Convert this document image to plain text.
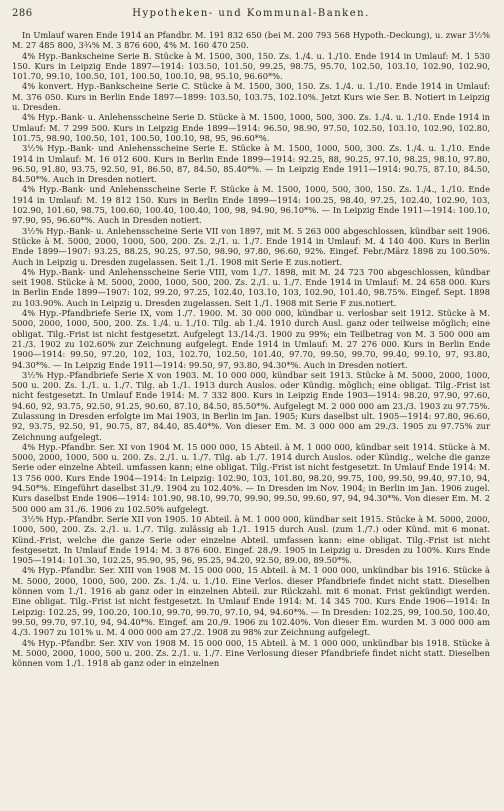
286	Hypotheken- und Kommunal-Banken.

In Umlauf waren Ende 1914 an Pfandbr. M. 191 832 650 (bei M. 200 793 568 Hypoth.-Deckung), u. zwar 3½% M. 27 485 800, 3¾% M. 3 876 600, 4% M. 160 470 250.

4% Hyp.-Bankscheine Serie B. Stücke à M. 1500, 300, 150. Zs. 1./4. u. 1./10. Ende 1914 in Umlauf: M. 1 530 150. Kurs in Leipzig Ende 1897—1914: 103.50, 101.50, 99.25, 98.75, 95.70, 102.50, 103.10, 102.90, 102.90, 101.70, 99.10, 100.50, 101, 100.50, 100.10, 98, 95.10, 96.60*%.

4% konvert. Hyp.-Bankscheine Serie C. Stücke à M. 1500, 300, 150. Zs. 1./4. u. 1./10. Ende 1914 in Umlauf: M. 376 050. Kurs in Berlin Ende 1897—1899: 103.50, 103.75, 102.10%. Jetzt Kurs wie Ser. B. Notiert in Leipzig u. Dresden.

4% Hyp.-Bank- u. Anlehensscheine Serie D. Stücke à M. 1500, 1000, 500, 300. Zs. 1./4. u. 1./10. Ende 1914 in Umlauf: M. 7 299 500. Kurs in Leipzig Ende 1899—1914: 96.50, 98.90, 97.50, 102.50, 103.10, 102.90, 102.80, 101.75, 98.90, 100.50, 101, 100.50, 100.10, 98, 95, 96.60*%.

3½% Hyp.-Bank- und Anlehensscheine Serie E. Stücke à M. 1500, 1000, 500, 300. Zs. 1./4. u. 1./10. Ende 1914 in Umlauf: M. 16 012 600. Kurs in Berlin Ende 1899—1914: 92.25, 88, 90.25, 97.10, 98.25, 98.10, 97.80, 96.50, 91.80, 93.75, 92.50, 91, 86.50, 87, 84.50, 85.40*%. — In Leipzig Ende 1911—1914: 90.75, 87.10, 84.50, 84.50*%. Auch in Dresden notiert.

4% Hyp.-Bank- und Anlehensscheine Serie F. Stücke à M. 1500, 1000, 500, 300, 150. Zs. 1./4., 1./10. Ende 1914 in Umlauf: M. 19 812 150. Kurs in Berlin Ende 1899—1914: 100.25, 98.40, 97.25, 102.40, 102.90, 103, 102.90, 101.60, 98.75, 100.60, 100.40, 100.40, 100, 98, 94.90, 96.10*%. — In Leipzig Ende 1911—1914: 100.10, 97.90, 95, 96.60*%. Auch in Dresden notiert.

3½% Hyp.-Bank- u. Anlehensscheine Serie VII von 1897, mit M. 5 263 000 abgeschlossen, kündbar seit 1906. Stücke à M. 5000, 2000, 1000, 500, 200. Zs. 2./1. u. 1./7. Ende 1914 in Umlauf: M. 4 140 400. Kurs in Berlin Ende 1899—1907: 93.25, 88.25, 90.25, 97.50, 98.90, 97.80, 96.60, 92%. Eingef. Febr./März 1898 zu 100.50%. Auch in Leipzig u. Dresden zugelassen. Seit 1./1. 1908 mit Serie E zus.notiert.

4% Hyp.-Bank- und Anlehensscheine Serie VIII, vom 1./7. 1898, mit M. 24 723 700 abgeschlossen, kündbar seit 1908. Stücke à M. 5000, 2000, 1000, 500, 200. Zs. 2./1. u. 1./7. Ende 1914 in Umlauf: M. 24 658 000. Kurs in Berlin Ende 1899—1907: 102, 99.20, 97.25, 102.40, 103.10, 103, 102.90, 101.40, 98.75%. Eingef. Sept. 1898 zu 103.90%. Auch in Leipzig u. Dresden zugelassen. Seit 1./1. 1908 mit Serie F zus.notiert.

4% Hyp.-Pfandbriefe Serie IX, vom 1./7. 1900. M. 30 000 000, kündbar u. verlosbar seit 1912. Stücke à M. 5000, 2000, 1000, 500, 200. Zs. 1./4. u. 1./10. Tilg. ab 1./4. 1910 durch Ausl. ganz oder teilweise möglich; eine obligat. Tilg.-Frist ist nicht festgesetzt. Aufgelegt 13./14./3. 1900 zu 99%; ein Teilbetrag von M. 3 500 000 am 21./3. 1902 zu 102.60% zur Zeichnung aufgelegt. Ende 1914 in Umlauf: M. 27 276 000. Kurs in Berlin Ende 1900—1914: 99.50, 97.20, 102, 103, 102.70, 102.50, 101.40, 97.70, 99.50, 99.70, 99.40, 99.10, 97, 93.80, 94.30*%. — In Leipzig Ende 1911—1914: 99.50, 97, 93.80, 94.30*%. Auch in Dresden notiert.

3½% Hyp.-Pfandbriefe Serie X von 1903. M. 10 000 000, kündbar seit 1913. Stücke à M. 5000, 2000, 1000, 500 u. 200. Zs. 1./1. u. 1./7. Tilg. ab 1./1. 1913 durch Auslos. oder Kündig. möglich; eine obligat. Tilg.-Frist ist nicht festgesetzt. In Umlauf Ende 1914: M. 7 332 800. Kurs in Leipzig Ende 1903—1914: 98.20, 97.90, 97.60, 94.60, 92, 93.75, 92.50, 91.25, 90.60, 87.10, 84.50, 85.50*%. Aufgelegt M. 2 000 000 am 23./3. 1903 zu 97.75%. Zulassung in Dresden erfolgte im Mai 1903, in Berlin im Jan. 1905; Kurs daselbst ult. 1905—1914: 97.80, 96.60, 92, 93.75, 92.50, 91, 90.75, 87, 84.40, 85.40*%. Von dieser Em. M. 3 000 000 am 29./3. 1905 zu 97.75% zur Zeichnung aufgelegt.

4% Hyp.-Pfandbr. Ser. XI von 1904 M. 15 000 000, 15 Abteil. à M. 1 000 000, kündbar seit 1914. Stücke à M. 5000, 2000, 1000, 500 u. 200. Zs. 2./1. u. 1./7. Tilg. ab 1./7. 1914 durch Auslos. oder Kündig., welche die ganze Serie oder einzelne Abteil. umfassen kann; eine obligat. Tilg.-Frist ist nicht festgesetzt. In Umlauf Ende 1914: M. 13 756 000. Kurs Ende 1904—1914: In Leipzig: 102.90, 103, 101.80, 98.20, 99.75, 100, 99.50, 99.40, 97.10, 94, 94.50*%. Eingeführt daselbst 31./9. 1904 zu 102.40%. — In Dresden im Nov. 1904; in Berlin im Jan. 1906 zugel. Kurs daselbst Ende 1906—1914: 101.90, 98.10, 99.70, 99.90, 99.50, 99.60, 97, 94, 94.30*%. Von dieser Em. M. 2 500 000 am 31./6. 1906 zu 102.50% aufgelegt.

3½% Hyp.-Pfandbr. Serie XII von 1905. 10 Abteil. à M. 1 000 000, kündbar seit 1915. Stücke à M. 5000, 2000, 1000, 500, 200. Zs. 2./1. u. 1./7. Tilg. zulässig ab 1./1. 1915 durch Ausl. (zum 1./7.) oder Künd. mit 6 monat. Künd.-Frist, welche die ganze Serie oder einzelne Abteil. umfassen kann: eine obligat. Tilg.-Frist ist nicht festgesetzt. In Umlauf Ende 1914: M. 3 876 600. Eingef. 28./9. 1905 in Leipzig u. Dresden zu 100%. Kurs Ende 1905—1914: 101.30, 102.25, 95.90, 95, 96, 95.25, 94.20, 92.50, 89.00, 89.50*%.

4% Hyp.-Pfandbr. Ser. XIII von 1908 M. 15 000 000, 15 Abteil. à M. 1 000 000, unkündbar bis 1916. Stücke à M. 5000, 2000, 1000, 500, 200. Zs. 1./4. u. 1./10. Eine Verlos. dieser Pfandbriefe findet nicht statt. Dieselben können vom 1./1. 1916 ab ganz oder in einzelnen Abteil. zur Rückzahl. mit 6 monat. Frist gekündigt werden. Eine obligat. Tilg.-Frist ist nicht festgesetzt. In Umlauf Ende 1914: M. 14 345 700. Kurs Ende 1906—1914: In Leipzig: 102.25, 99, 100.20, 100.10, 99.70, 99.70, 97.10, 94, 94.60*%. — In Dresden: 102.25, 99, 100.50, 100.40, 99.50, 99.70, 97.10, 94, 94.40*%. Eingef. am 20./9. 1906 zu 102.40%. Von dieser Em. wurden M. 3 000 000 am 4./3. 1907 zu 101% u. M. 4 000 000 am 27./2. 1908 zu 98% zur Zeichnung aufgelegt.

4% Hyp.-Pfandbr. Ser. XIV von 1908 M. 15 000 000, 15 Abteil. à M. 1 000 000, unkündbar bis 1918. Stücke à M. 5000, 2000, 1000, 500 u. 200. Zs. 2./1. u. 1./7. Eine Verlosung dieser Pfandbriefe findet nicht statt. Dieselben können vom 1./1. 1918 ab ganz oder in einzelnen
